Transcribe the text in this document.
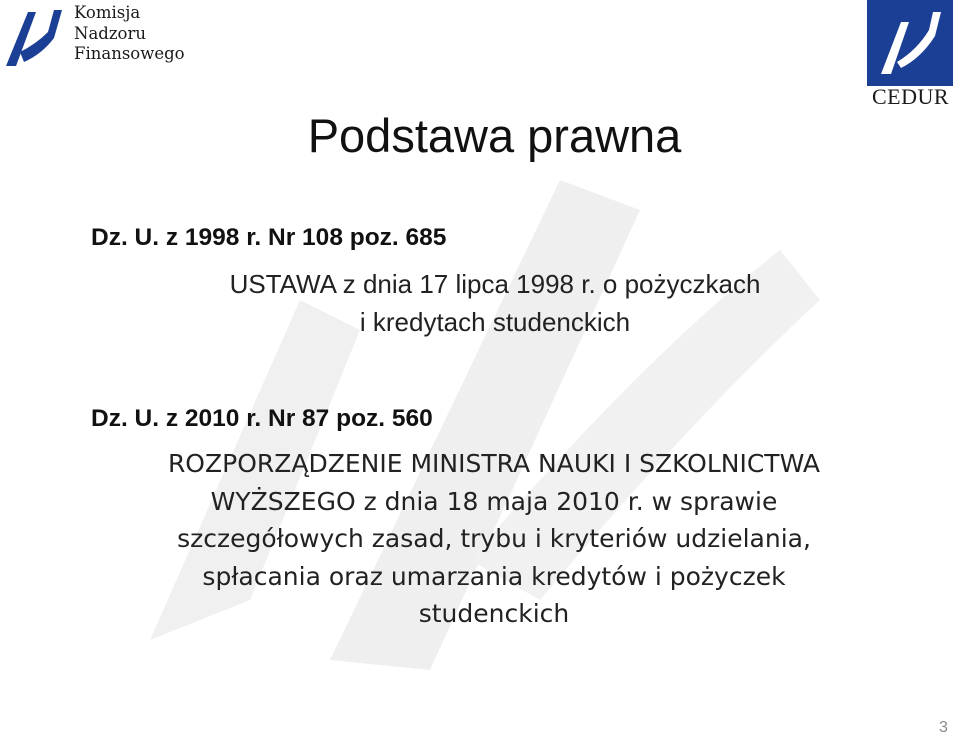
Komisja
Nadzoru
Finansowego
CEDUR
Podstawa prawna
Dz. U. z 1998 r. Nr 108 poz. 685
USTAWA z dnia 17 lipca 1998 r. o pożyczkach
i kredytach studenckich
Dz. U. z 2010 r. Nr 87 poz. 560
ROZPORZĄDZENIE MINISTRA NAUKI I SZKOLNICTWA
WYŻSZEGO z dnia 18 maja 2010 r. w sprawie
szczegółowych zasad, trybu i kryteriów udzielania,
spłacania oraz umarzania kredytów i pożyczek
studenckich
3
